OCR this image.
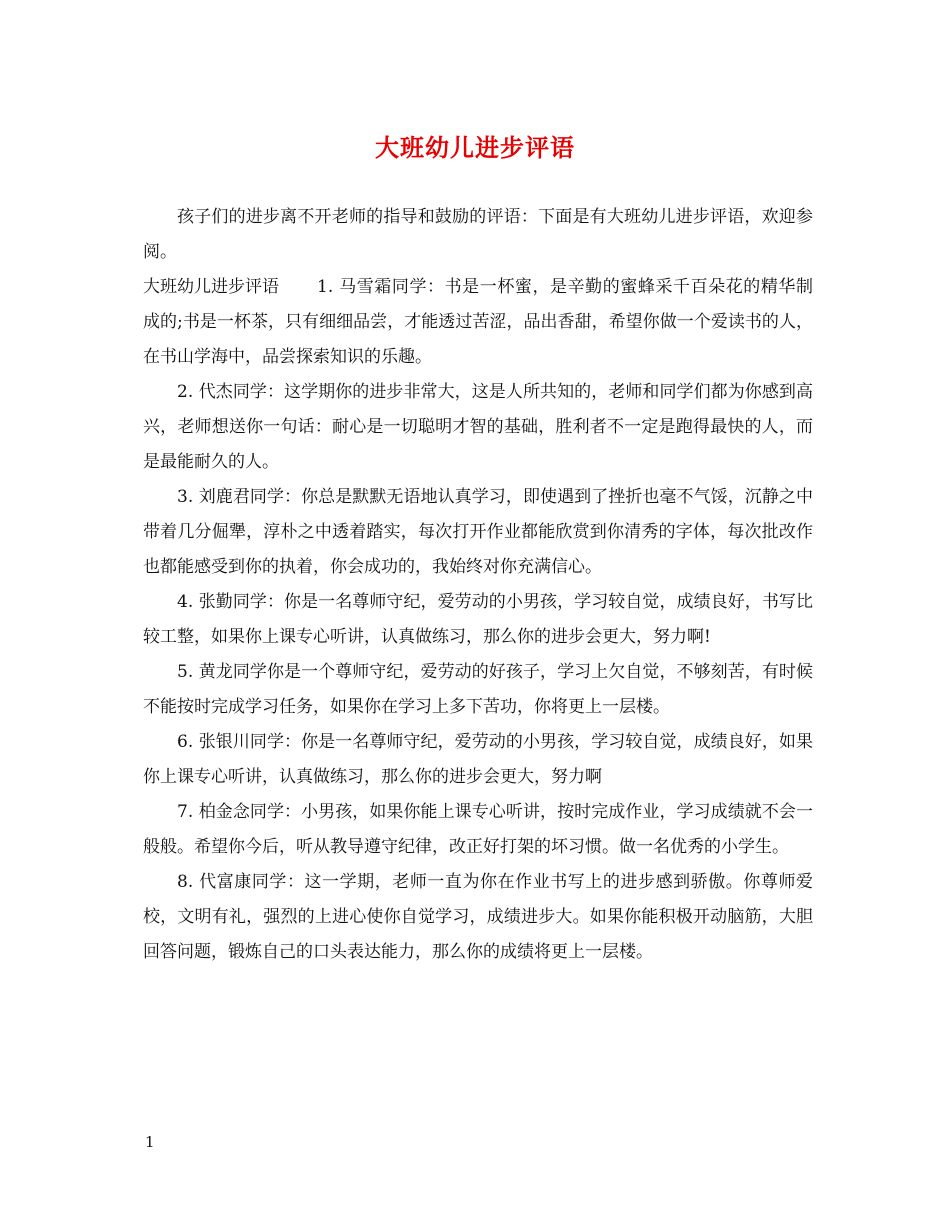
大班幼儿进步评语

孩子们的进步离不开老师的指导和鼓励的评语：下面是有大班幼儿进步评语，欢迎参阅。

大班幼儿进步评语 1. 马雪霜同学：书是一杯蜜，是辛勤的蜜蜂采千百朵花的精华制成的;书是一杯茶，只有细细品尝，才能透过苦涩，品出香甜，希望你做一个爱读书的人，在书山学海中，品尝探索知识的乐趣。

2. 代杰同学：这学期你的进步非常大，这是人所共知的，老师和同学们都为你感到高兴，老师想送你一句话：耐心是一切聪明才智的基础，胜利者不一定是跑得最快的人，而是最能耐久的人。

3. 刘鹿君同学：你总是默默无语地认真学习，即使遇到了挫折也毫不气馁，沉静之中带着几分倔犟，淳朴之中透着踏实，每次打开作业都能欣赏到你清秀的字体，每次批改作也都能感受到你的执着，你会成功的，我始终对你充满信心。

4. 张勤同学：你是一名尊师守纪，爱劳动的小男孩，学习较自觉，成绩良好，书写比较工整，如果你上课专心听讲，认真做练习，那么你的进步会更大，努力啊!

5. 黄龙同学你是一个尊师守纪，爱劳动的好孩子，学习上欠自觉，不够刻苦，有时候不能按时完成学习任务，如果你在学习上多下苦功，你将更上一层楼。

6. 张银川同学：你是一名尊师守纪，爱劳动的小男孩，学习较自觉，成绩良好，如果你上课专心听讲，认真做练习，那么你的进步会更大，努力啊

7. 柏金念同学：小男孩，如果你能上课专心听讲，按时完成作业，学习成绩就不会一般般。希望你今后，听从教导遵守纪律，改正好打架的坏习惯。做一名优秀的小学生。

8. 代富康同学：这一学期，老师一直为你在作业书写上的进步感到骄傲。你尊师爱校，文明有礼，强烈的上进心使你自觉学习，成绩进步大。如果你能积极开动脑筋，大胆回答问题，锻炼自己的口头表达能力，那么你的成绩将更上一层楼。

1
